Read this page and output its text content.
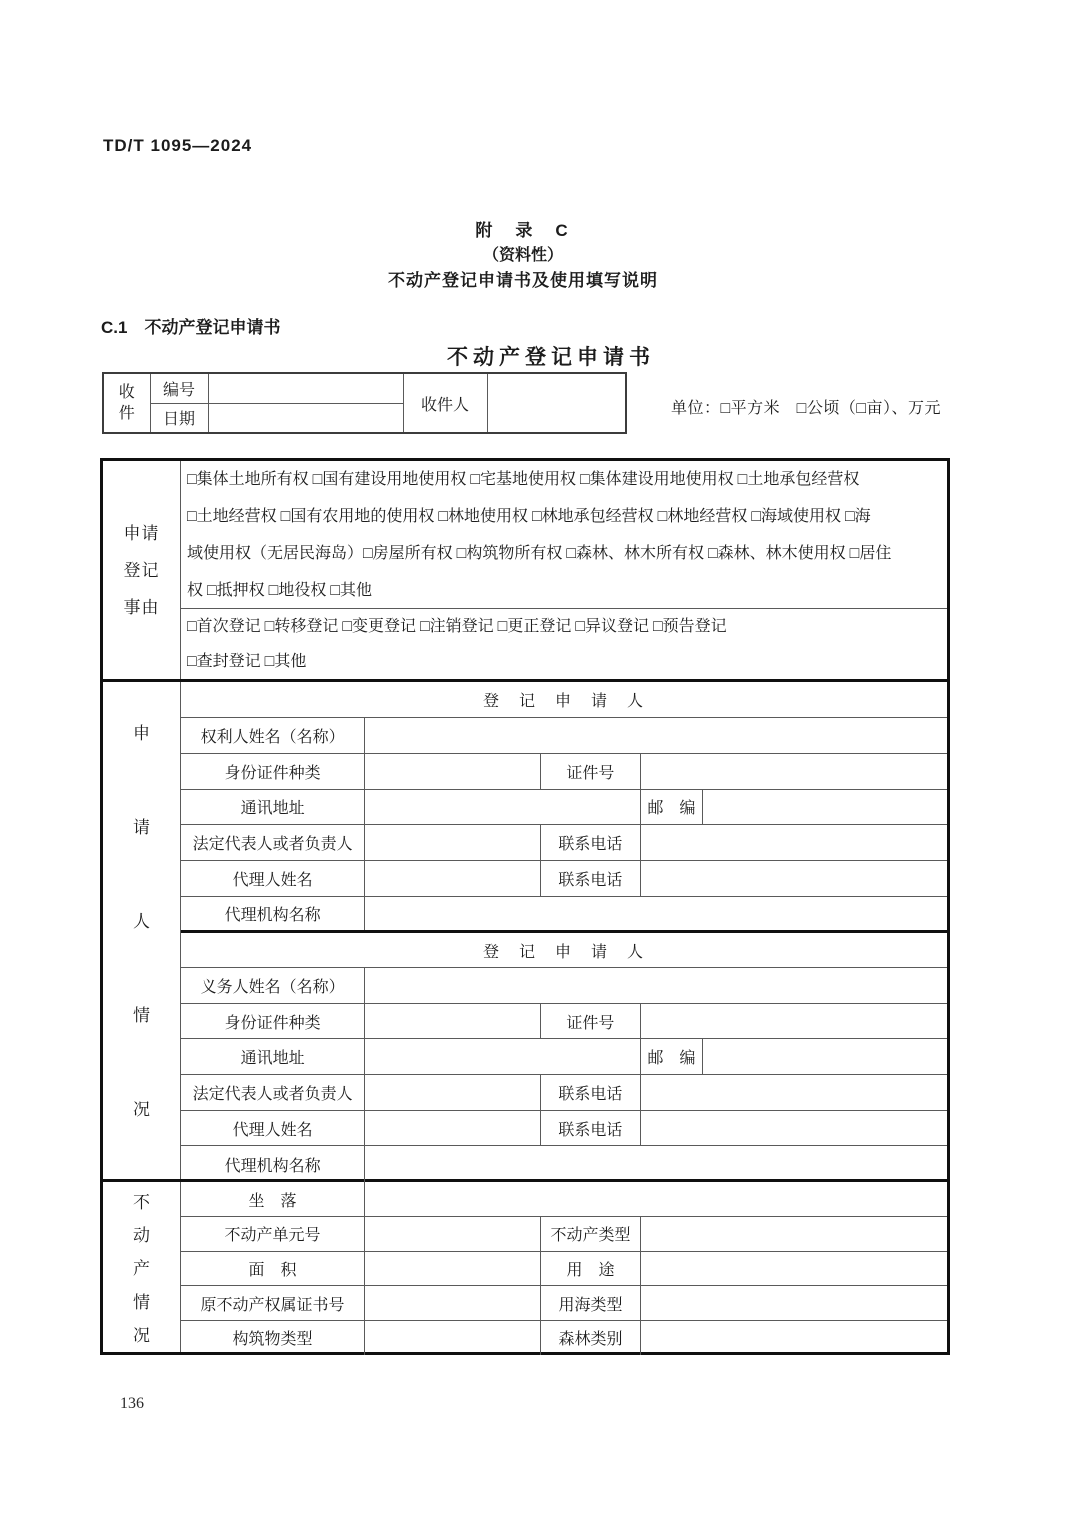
TD/T 1095—2024
附　录　C
（资料性）
不动产登记申请书及使用填写说明
C.1　不动产登记申请书
不动产登记申请书
收
件	编号		收件人	
	日期			
单位：□平方米　□公顷（□亩）、万元
申请
登记
事由
□集体土地所有权 □国有建设用地使用权 □宅基地使用权 □集体建设用地使用权 □土地承包经营权
□土地经营权 □国有农用地的使用权 □林地使用权 □林地承包经营权 □林地经营权 □海域使用权 □海
域使用权（无居民海岛）□房屋所有权 □构筑物所有权 □森林、林木所有权 □森林、林木使用权 □居住
权 □抵押权 □地役权 □其他
□首次登记 □转移登记 □变更登记 □注销登记 □更正登记 □异议登记 □预告登记
□查封登记 □其他
申
请
人
情
况
登　记　申　请　人				
权利人姓名（名称）				
身份证件种类		证件号		
通讯地址			邮　编	
法定代表人或者负责人		联系电话		
代理人姓名		联系电话		
代理机构名称				
登　记　申　请　人				
义务人姓名（名称）				
身份证件种类		证件号		
通讯地址			邮　编	
法定代表人或者负责人		联系电话		
代理人姓名		联系电话		
代理机构名称				
不
动
产
情
况
坐　落			
不动产单元号		不动产类型	
面　积		用　途	
原不动产权属证书号		用海类型	
构筑物类型		森林类别	
136
